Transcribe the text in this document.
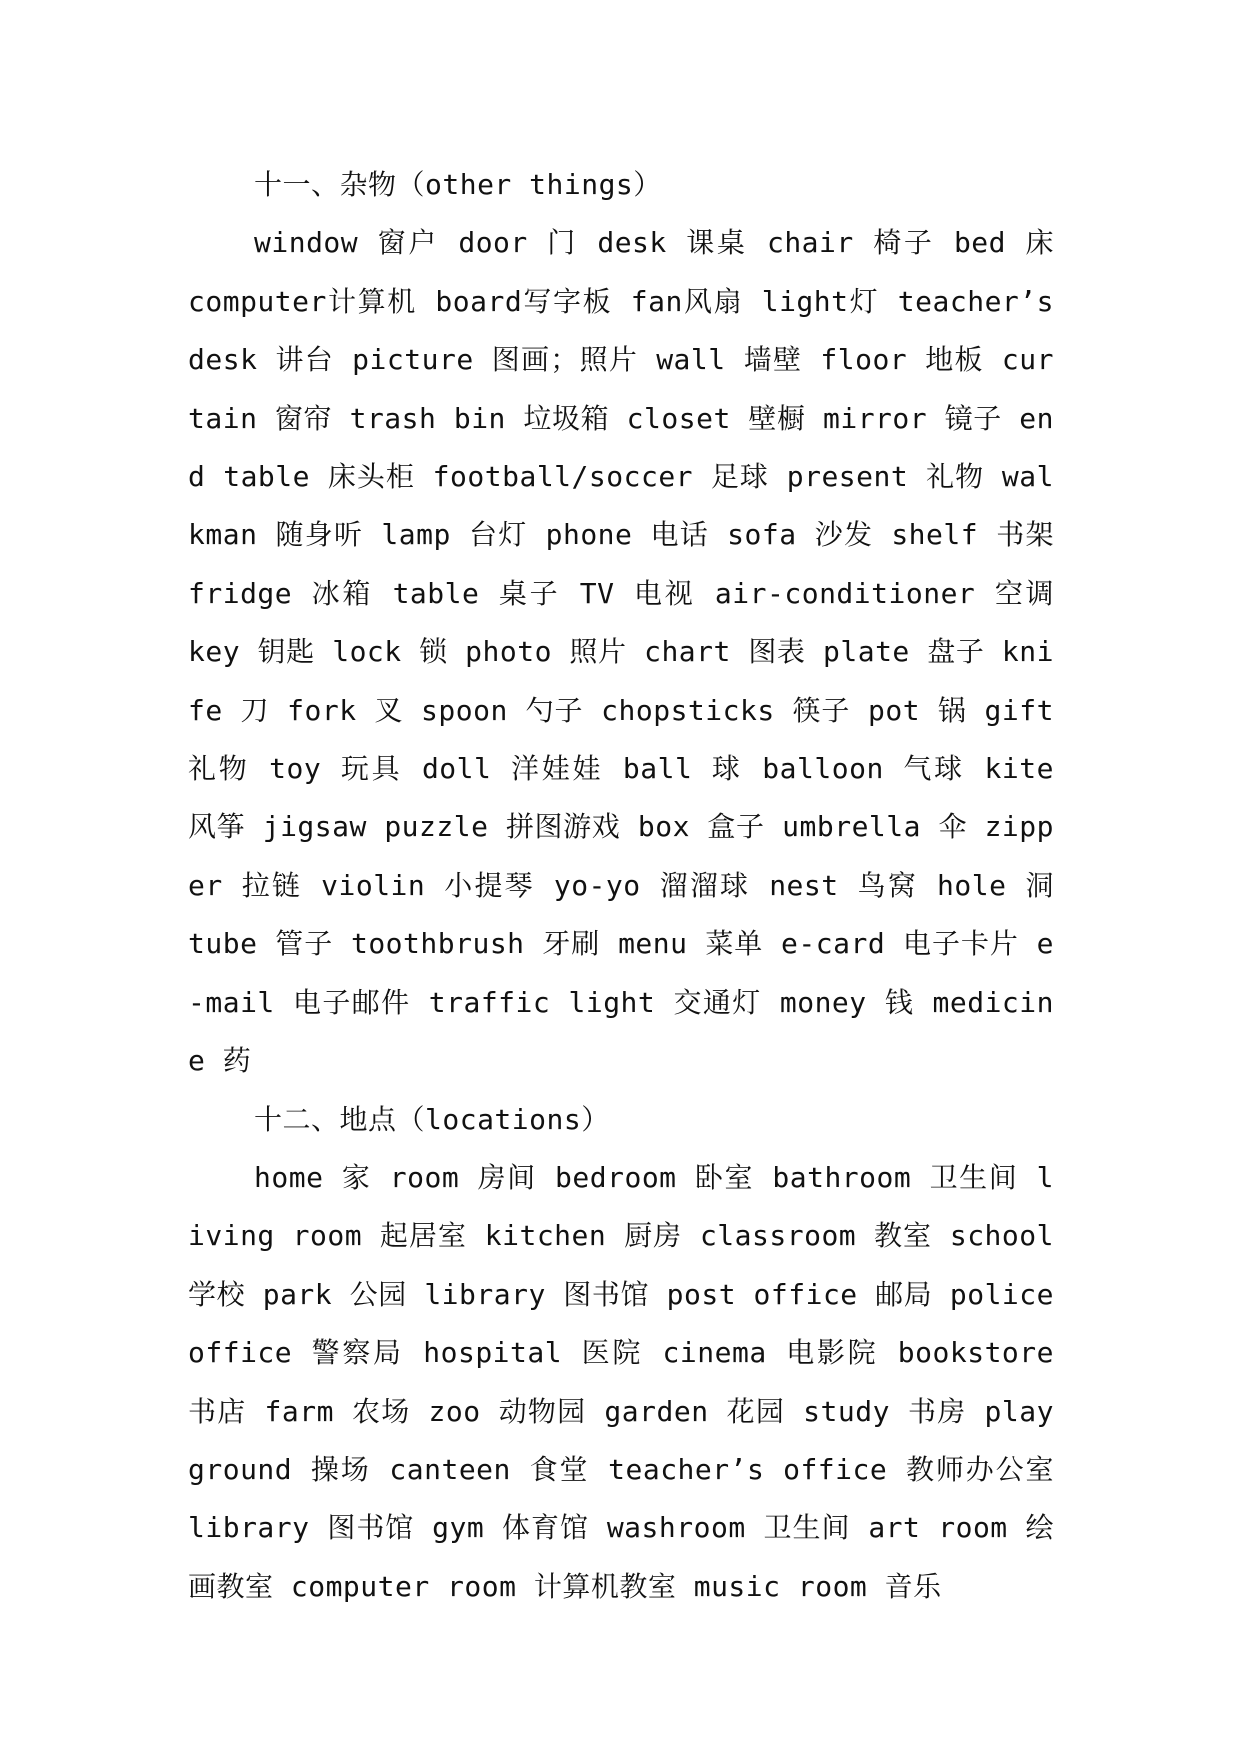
十一、杂物（other things）

window 窗户 door 门 desk 课桌 chair 椅子 bed 床 computer计算机 board写字板 fan风扇 light灯 teacher’s desk 讲台 picture 图画；照片 wall 墙壁 floor 地板 curtain 窗帘 trash bin 垃圾箱 closet 壁橱 mirror 镜子 end table 床头柜 football/soccer 足球 present 礼物 walkman 随身听 lamp 台灯 phone 电话 sofa 沙发 shelf 书架 fridge 冰箱 table 桌子 TV 电视 air-conditioner 空调 key 钥匙 lock 锁 photo 照片 chart 图表 plate 盘子 knife 刀 fork 叉 spoon 勺子 chopsticks 筷子 pot 锅 gift 礼物 toy 玩具 doll 洋娃娃 ball 球 balloon 气球 kite 风筝 jigsaw puzzle 拼图游戏 box 盒子 umbrella 伞 zipper 拉链 violin 小提琴 yo-yo 溜溜球 nest 鸟窝 hole 洞 tube 管子 toothbrush 牙刷 menu 菜单 e-card 电子卡片 e-mail 电子邮件 traffic light 交通灯 money 钱 medicine 药

十二、地点（locations）

home 家 room 房间 bedroom 卧室 bathroom 卫生间 living room 起居室 kitchen 厨房 classroom 教室 school 学校 park 公园 library 图书馆 post office 邮局 police office 警察局 hospital 医院 cinema 电影院 bookstore 书店 farm 农场 zoo 动物园 garden 花园 study 书房 playground 操场 canteen 食堂 teacher’s office 教师办公室 library 图书馆 gym 体育馆 washroom 卫生间 art room 绘画教室 computer room 计算机教室 music room 音乐
